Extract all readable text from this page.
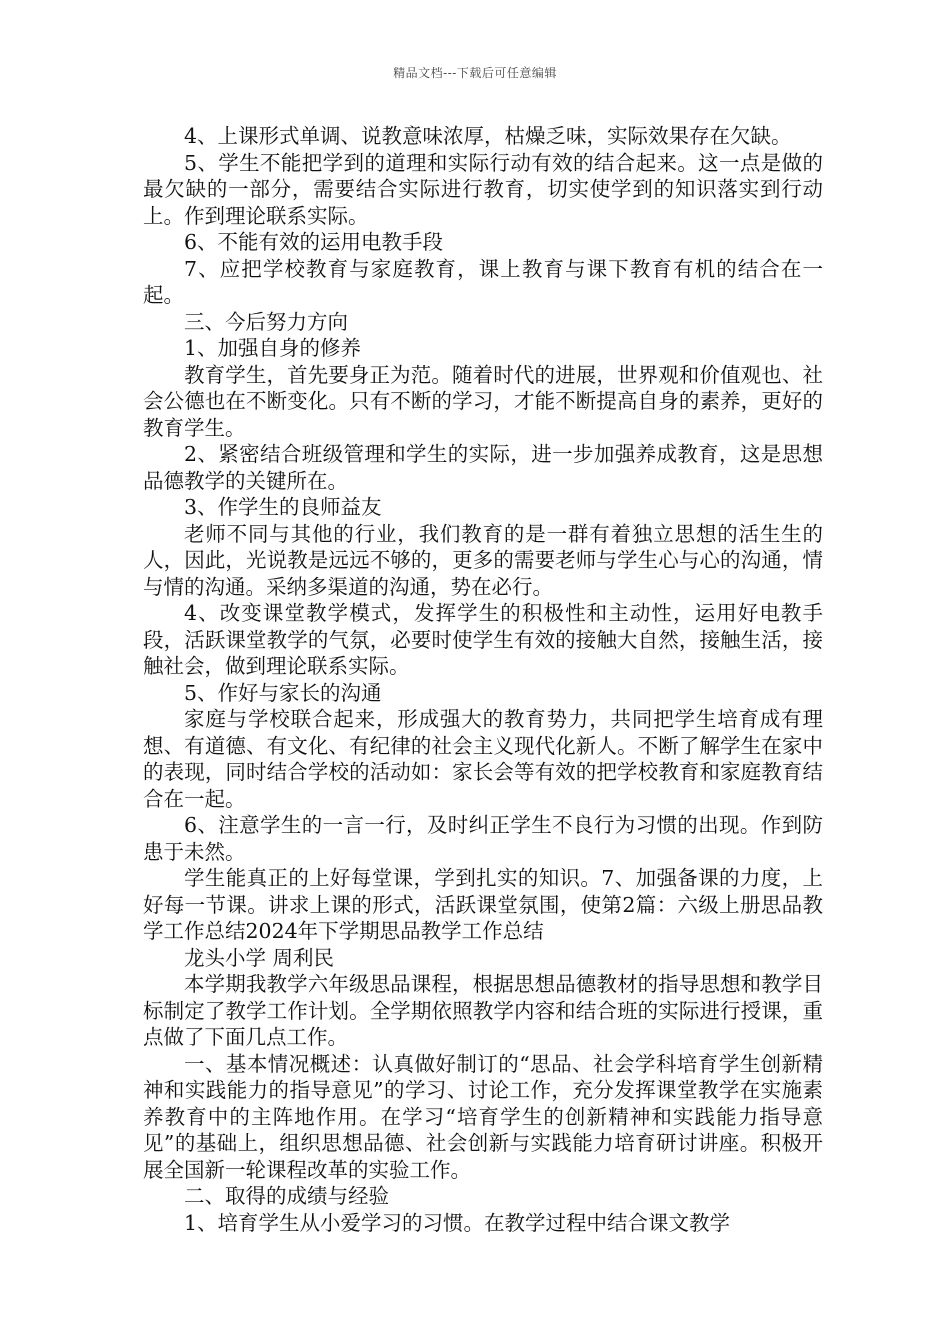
精品文档---下载后可任意编辑

4、上课形式单调、说教意味浓厚，枯燥乏味，实际效果存在欠缺。

5、学生不能把学到的道理和实际行动有效的结合起来。这一点是做的最欠缺的一部分，需要结合实际进行教育，切实使学到的知识落实到行动上。作到理论联系实际。

6、不能有效的运用电教手段

7、应把学校教育与家庭教育，课上教育与课下教育有机的结合在一起。

三、今后努力方向

1、加强自身的修养

教育学生，首先要身正为范。随着时代的进展，世界观和价值观也、社会公德也在不断变化。只有不断的学习，才能不断提高自身的素养，更好的教育学生。

2、紧密结合班级管理和学生的实际，进一步加强养成教育，这是思想品德教学的关键所在。

3、作学生的良师益友

老师不同与其他的行业，我们教育的是一群有着独立思想的活生生的人，因此，光说教是远远不够的，更多的需要老师与学生心与心的沟通，情与情的沟通。采纳多渠道的沟通，势在必行。

4、改变课堂教学模式，发挥学生的积极性和主动性，运用好电教手段，活跃课堂教学的气氛，必要时使学生有效的接触大自然，接触生活，接触社会，做到理论联系实际。

5、作好与家长的沟通

家庭与学校联合起来，形成强大的教育势力，共同把学生培育成有理想、有道德、有文化、有纪律的社会主义现代化新人。不断了解学生在家中的表现，同时结合学校的活动如：家长会等有效的把学校教育和家庭教育结合在一起。

6、注意学生的一言一行，及时纠正学生不良行为习惯的出现。作到防患于未然。

学生能真正的上好每堂课，学到扎实的知识。7、加强备课的力度，上好每一节课。讲求上课的形式，活跃课堂氛围，使第2篇：六级上册思品教学工作总结2024年下学期思品教学工作总结

龙头小学 周利民

本学期我教学六年级思品课程，根据思想品德教材的指导思想和教学目标制定了教学工作计划。全学期依照教学内容和结合班的实际进行授课，重点做了下面几点工作。

一、基本情况概述：认真做好制订的“思品、社会学科培育学生创新精神和实践能力的指导意见”的学习、讨论工作，充分发挥课堂教学在实施素养教育中的主阵地作用。在学习“培育学生的创新精神和实践能力指导意见”的基础上，组织思想品德、社会创新与实践能力培育研讨讲座。积极开展全国新一轮课程改革的实验工作。

二、取得的成绩与经验

1、培育学生从小爱学习的习惯。在教学过程中结合课文教学
